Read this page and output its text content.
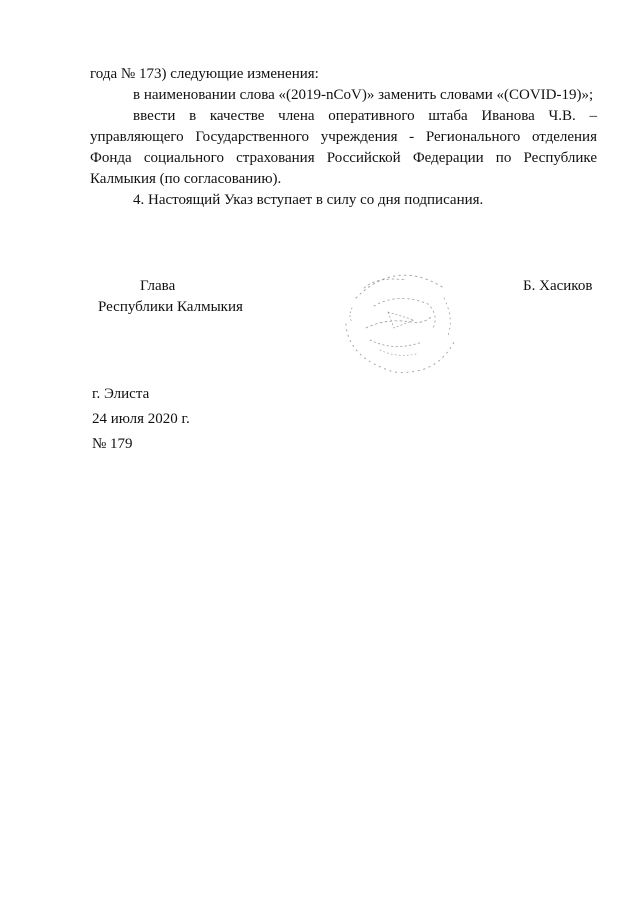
года № 173) следующие изменения:

в наименовании слова «(2019-nCoV)» заменить словами «(COVID-19)»;

ввести в качестве члена оперативного штаба Иванова Ч.В. – управляющего Государственного учреждения - Регионального отделения Фонда социального страхования Российской Федерации по Республике Калмыкия (по согласованию).

4. Настоящий Указ вступает в силу со дня подписания.

Глава
Республики Калмыкия
Б. Хасиков
г. Элиста
24 июля 2020 г.
№ 179
